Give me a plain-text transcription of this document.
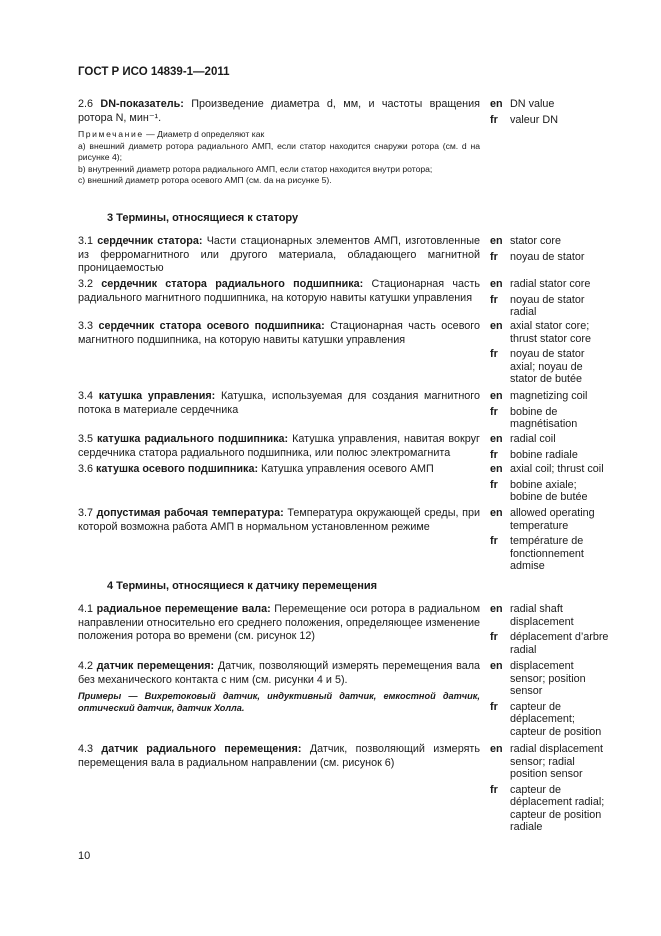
ГОСТ Р ИСО 14839-1—2011
2.6 DN-показатель: Произведение диаметра d, мм, и частоты вращения ротора N, мин⁻¹.
en DN value
fr	valeur DN
Примечание — Диаметр d определяют как
а) внешний диаметр ротора радиального АМП, если статор находится снаружи ротора (см. d на рисунке 4);
b) внутренний диаметр ротора радиального АМП, если статор находится внутри ротора;
с) внешний диаметр ротора осевого АМП (см. da на рисунке 5).
3 Термины, относящиеся к статору
3.1 сердечник статора: Части стационарных элементов АМП, изготовленные из ферромагнитного или другого материала, обладающего магнитной проницаемостью
en stator core
fr	noyau de stator
3.2 сердечник статора радиального подшипника: Стационарная часть радиального магнитного подшипника, на которую навиты катушки управления
en radial stator core
fr	noyau de stator
radial
3.3 сердечник статора осевого подшипника: Стационарная часть осевого магнитного подшипника, на которую навиты катушки управления
en axial stator core;
thrust stator core
fr	noyau de stator
axial; noyau de
stator de butée
3.4 катушка управления: Катушка, используемая для создания магнитного потока в материале сердечника
en magnetizing coil
fr	bobine de
magnétisation
3.5 катушка радиального подшипника: Катушка управления, навитая вокруг сердечника статора радиального подшипника, или полюс электромагнита
en radial coil
fr	bobine radiale
3.6 катушка осевого подшипника: Катушка управления осевого АМП	en axial coil; thrust coil
fr	bobine axiale;
bobine de butée
3.7 допустимая рабочая температура: Температура окружающей среды, при которой возможна работа АМП в нормальном установленном режиме
en allowed operating
temperature
fr	température de
fonctionnement
admise
4 Термины, относящиеся к датчику перемещения
4.1 радиальное перемещение вала: Перемещение оси ротора в радиальном направлении относительно его среднего положения, определяющее изменение положения ротора во времени (см. рисунок 12)
en radial shaft
displacement
fr	déplacement d’arbre
radial
4.2 датчик перемещения: Датчик, позволяющий измерять перемещения вала без механического контакта с ним (см. рисунки 4 и 5).
Примеры — Вихретоковый датчик, индуктивный датчик, емкостной датчик, оптический датчик, датчик Холла.
en displacement
sensor; position
sensor
fr	capteur de
déplacement;
capteur de position
4.3 датчик радиального перемещения: Датчик, позволяющий измерять перемещения вала в радиальном направлении (см. рисунок 6)
en radial displacement
sensor; radial
position sensor
fr	capteur de
déplacement radial;
capteur de position
radiale
10
